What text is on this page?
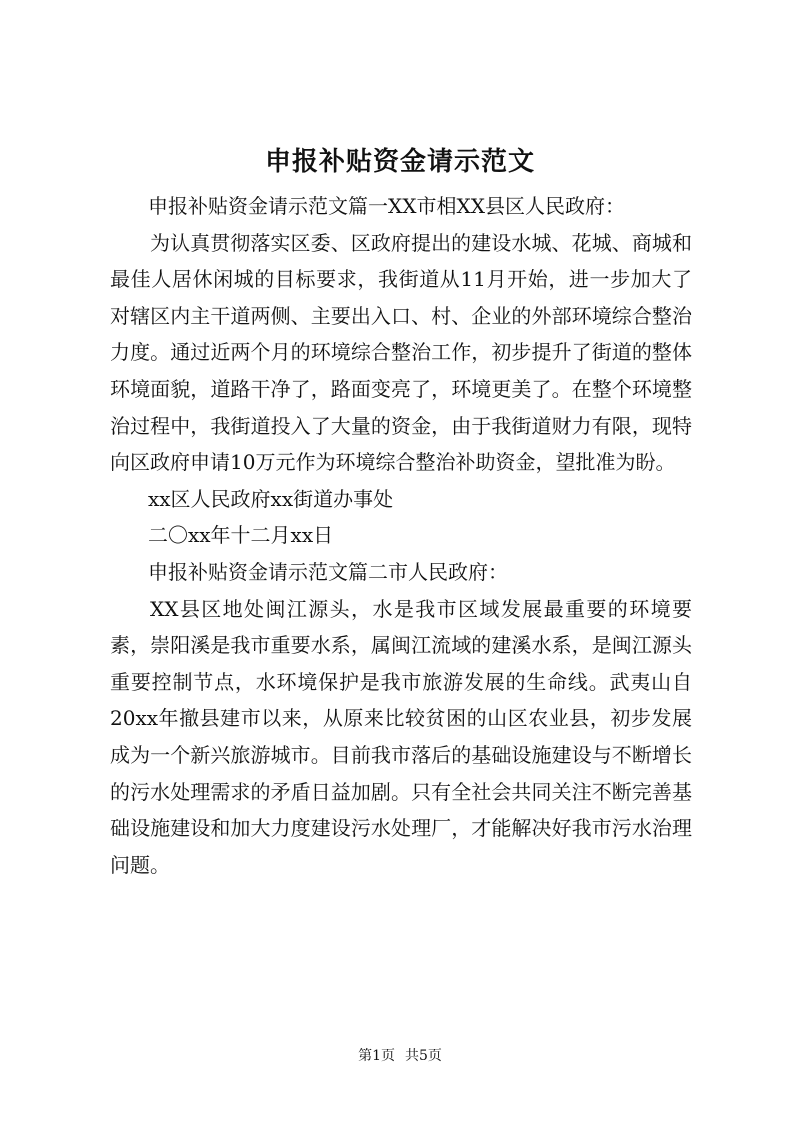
申报补贴资金请示范文

申报补贴资金请示范文篇一XX市相XX县区人民政府：

为认真贯彻落实区委、区政府提出的建设水城、花城、商城和最佳人居休闲城的目标要求，我街道从11月开始，进一步加大了对辖区内主干道两侧、主要出入口、村、企业的外部环境综合整治力度。通过近两个月的环境综合整治工作，初步提升了街道的整体环境面貌，道路干净了，路面变亮了，环境更美了。在整个环境整治过程中，我街道投入了大量的资金，由于我街道财力有限，现特向区政府申请10万元作为环境综合整治补助资金，望批准为盼。

xx区人民政府xx街道办事处

二〇xx年十二月xx日

申报补贴资金请示范文篇二市人民政府：

XX县区地处闽江源头，水是我市区域发展最重要的环境要素，崇阳溪是我市重要水系，属闽江流域的建溪水系，是闽江源头重要控制节点，水环境保护是我市旅游发展的生命线。武夷山自20xx年撤县建市以来，从原来比较贫困的山区农业县，初步发展成为一个新兴旅游城市。目前我市落后的基础设施建设与不断增长的污水处理需求的矛盾日益加剧。只有全社会共同关注不断完善基础设施建设和加大力度建设污水处理厂，才能解决好我市污水治理问题。

第1页 共5页
